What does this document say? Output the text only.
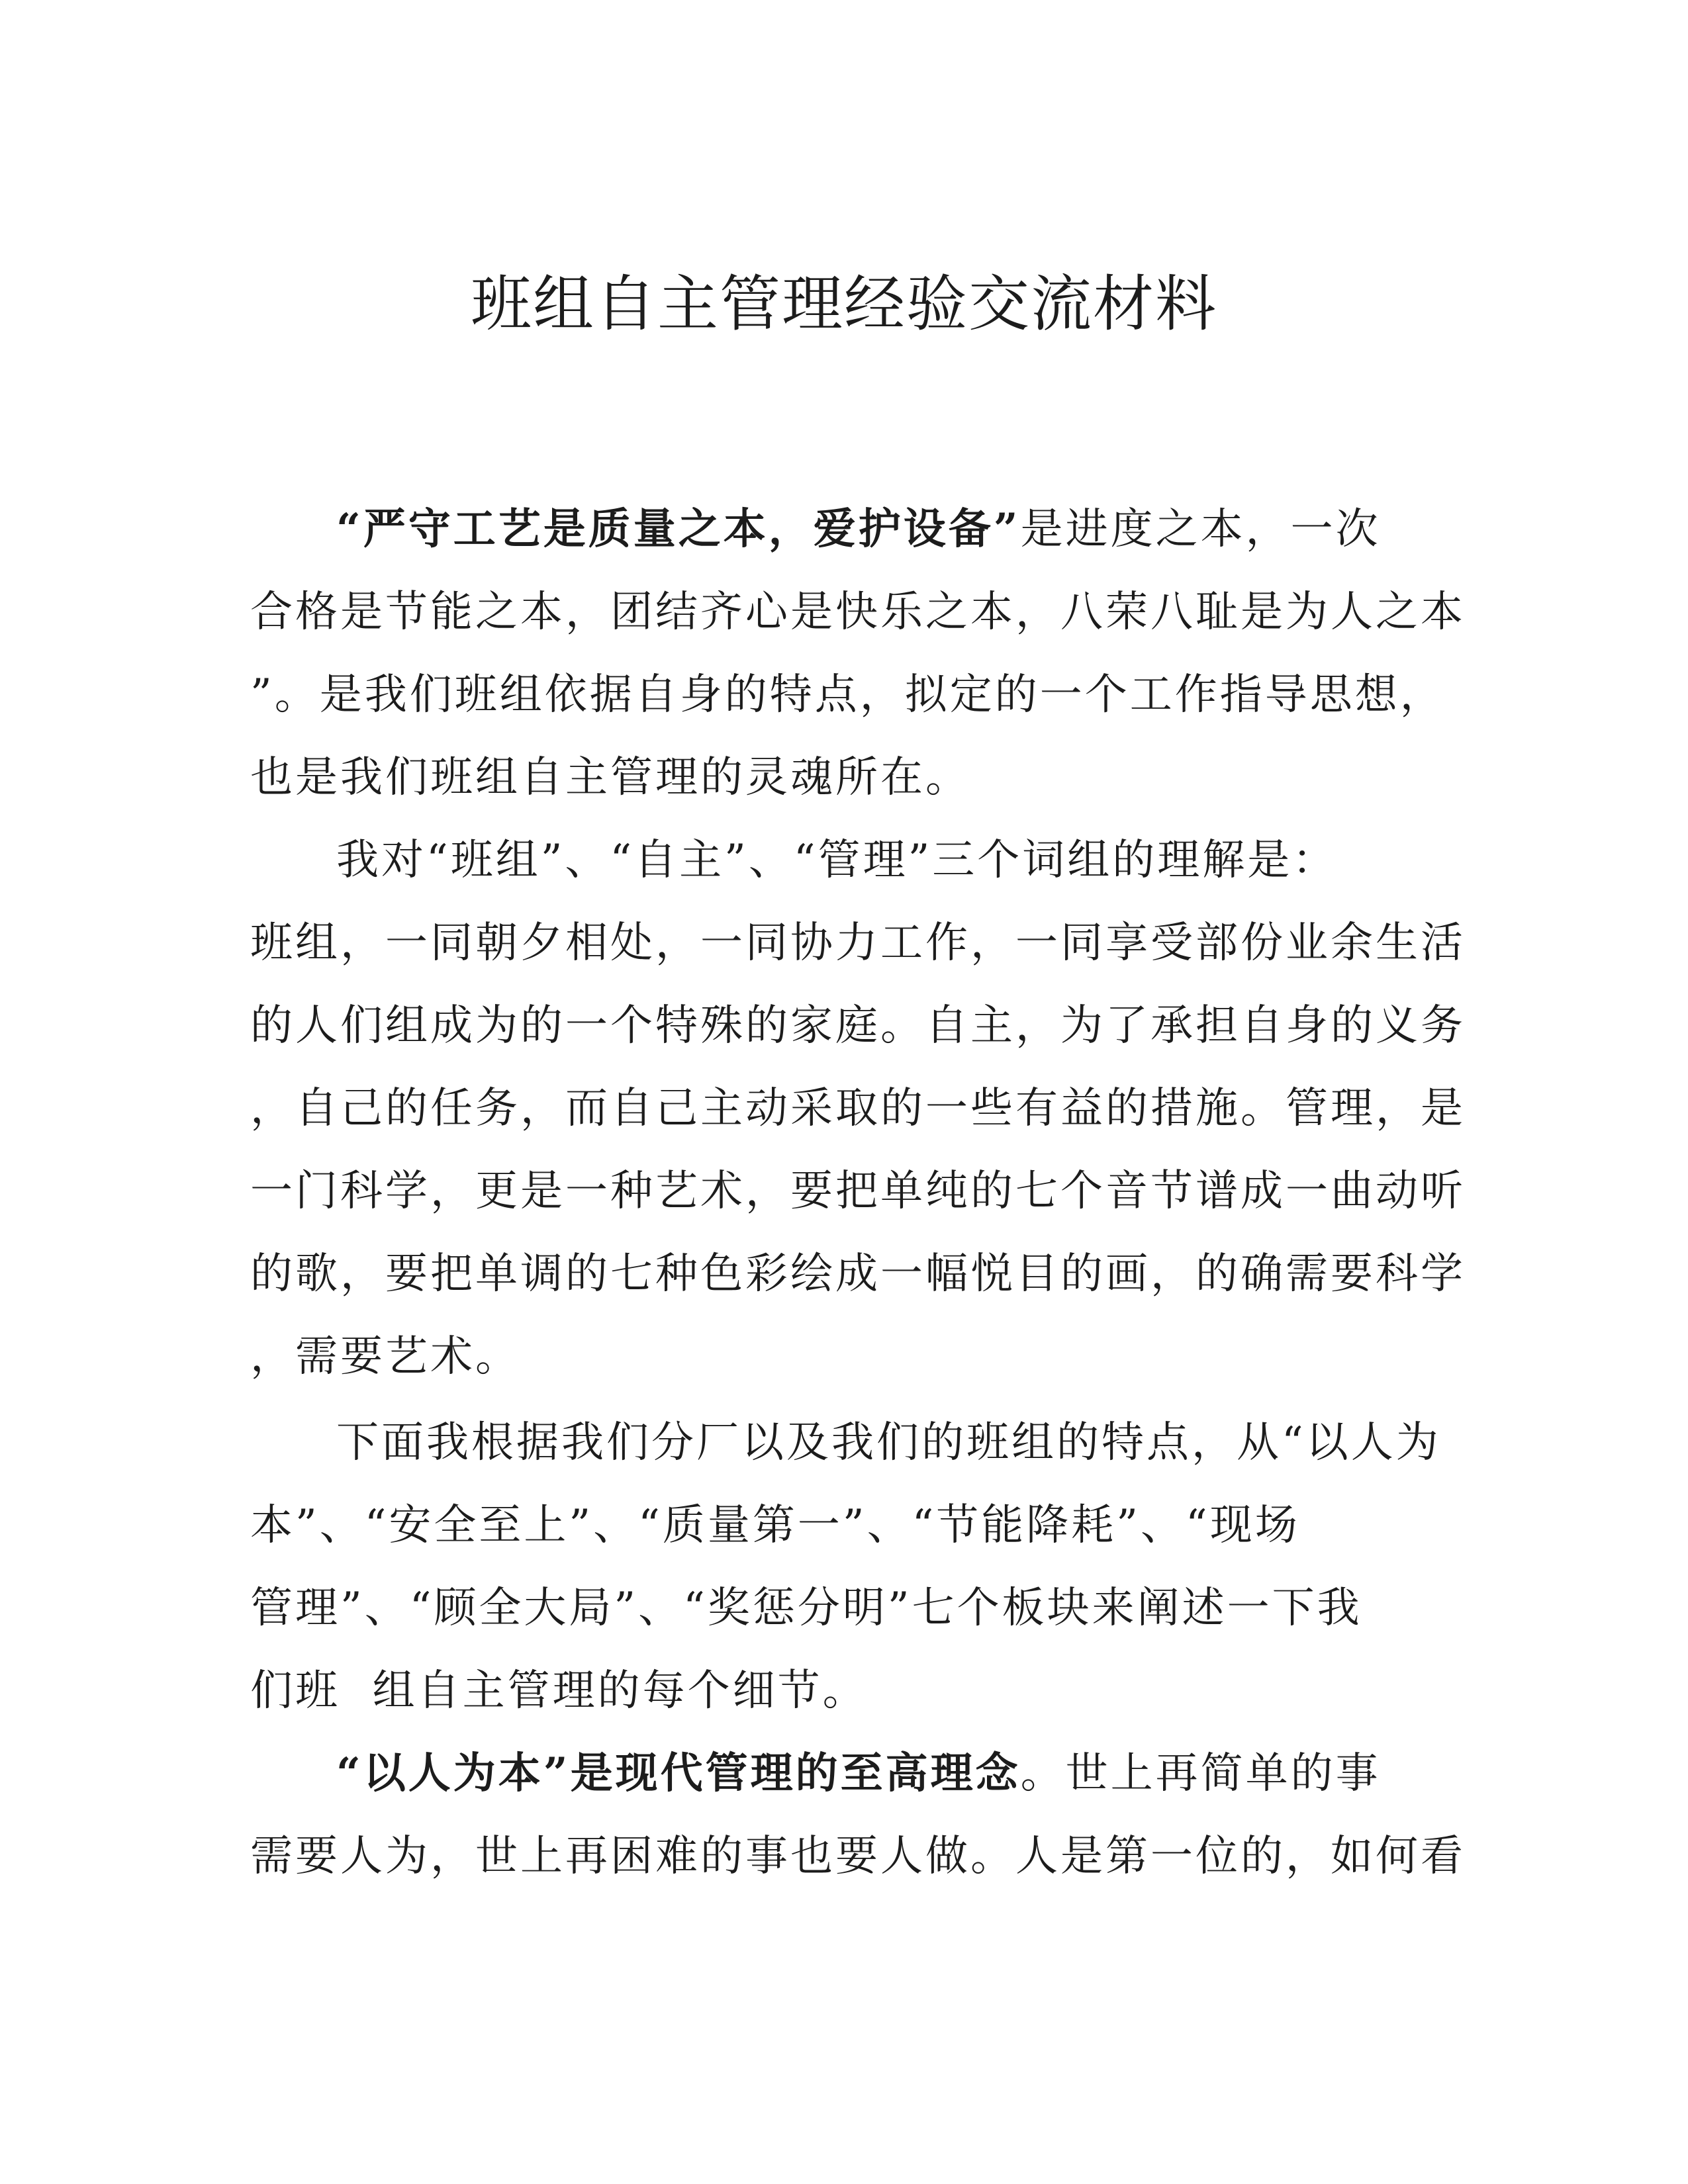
班组自主管理经验交流材料
“严守工艺是质量之本，爱护设备”是进度之本，一次
合格是节能之本，团结齐心是快乐之本，八荣八耻是为人之本
”。是我们班组依据自身的特点，拟定的一个工作指导思想，
也是我们班组自主管理的灵魂所在。
我对“班组”、“自主”、“管理”三个词组的理解是：
班组，一同朝夕相处，一同协力工作，一同享受部份业余生活
的人们组成为的一个特殊的家庭。自主，为了承担自身的义务
，自己的任务，而自己主动采取的一些有益的措施。管理，是
一门科学，更是一种艺术，要把单纯的七个音节谱成一曲动听
的歌，要把单调的七种色彩绘成一幅悦目的画，的确需要科学
，需要艺术。
下面我根据我们分厂以及我们的班组的特点，从“以人为
本”、“安全至上”、“质量第一”、“节能降耗”、“现场
管理”、“顾全大局”、“奖惩分明”七个板块来阐述一下我
们班  组自主管理的每个细节。
“以人为本”是现代管理的至高理念。世上再简单的事
需要人为，世上再困难的事也要人做。人是第一位的，如何看
